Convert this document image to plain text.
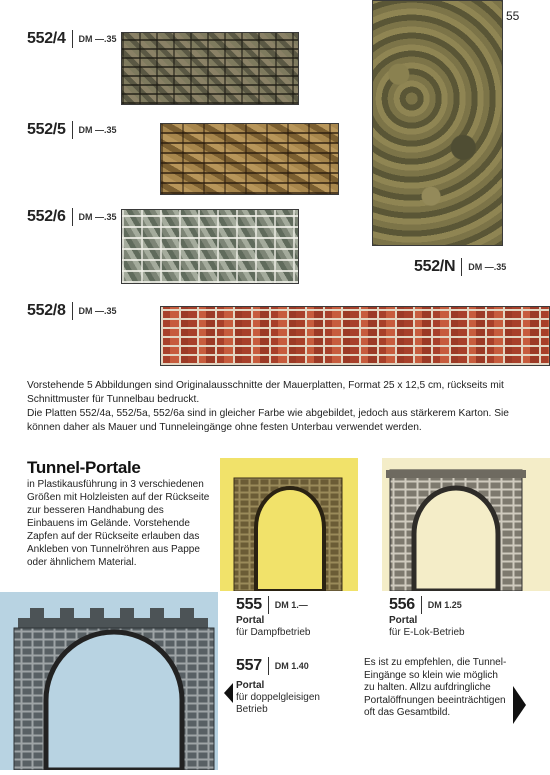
55
552/4 DM —.35
552/5 DM —.35
552/6 DM —.35
552/N DM —.35
552/8 DM —.35
Vorstehende 5 Abbildungen sind Originalausschnitte der Mauerplatten, Format 25 x 12,5 cm, rückseits mit Schnittmuster für Tunnelbau bedruckt.
Die Platten 552/4a, 552/5a, 552/6a sind in gleicher Farbe wie abgebildet, jedoch aus stärkerem Karton. Sie können daher als Mauer und Tunneleingänge ohne festen Unterbau verwendet werden.
Tunnel-Portale
in Plastikausführung in 3 verschiedenen Größen mit Holzleisten auf der Rückseite zur besseren Handhabung des Einbauens im Gelände. Vorstehende Zapfen auf der Rückseite erlauben das Ankleben von Tunnelröhren aus Pappe oder ähnlichem Material.
555 DM 1.—
Portal
für Dampfbetrieb
556 DM 1.25
Portal
für E-Lok-Betrieb
557 DM 1.40
Portal
für doppelgleisigen Betrieb
Es ist zu empfehlen, die Tunnel-Eingänge so klein wie möglich zu halten. Allzu aufdringliche Portalöffnungen beeinträchtigen oft das Gesamtbild.
